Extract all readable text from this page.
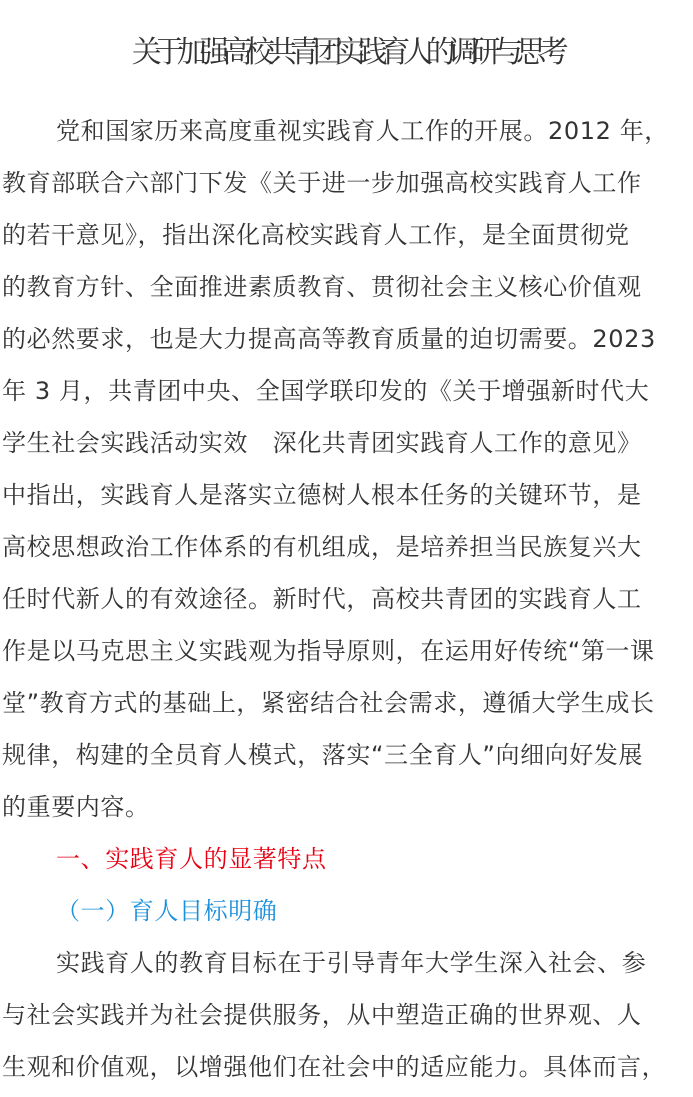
关于加强高校共青团实践育人的调研与思考
党和国家历来高度重视实践育人工作的开展。2012 年，
教育部联合六部门下发《关于进一步加强高校实践育人工作
的若干意见》，指出深化高校实践育人工作，是全面贯彻党
的教育方针、全面推进素质教育、贯彻社会主义核心价值观
的必然要求，也是大力提高高等教育质量的迫切需要。2023
年 3 月，共青团中央、全国学联印发的《关于增强新时代大
学生社会实践活动实效　深化共青团实践育人工作的意见》
中指出，实践育人是落实立德树人根本任务的关键环节，是
高校思想政治工作体系的有机组成，是培养担当民族复兴大
任时代新人的有效途径。新时代，高校共青团的实践育人工
作是以马克思主义实践观为指导原则，在运用好传统“第一课
堂”教育方式的基础上，紧密结合社会需求，遵循大学生成长
规律，构建的全员育人模式，落实“三全育人”向细向好发展
的重要内容。
一、实践育人的显著特点
（一）育人目标明确
实践育人的教育目标在于引导青年大学生深入社会、参
与社会实践并为社会提供服务，从中塑造正确的世界观、人
生观和价值观，以增强他们在社会中的适应能力。具体而言，
